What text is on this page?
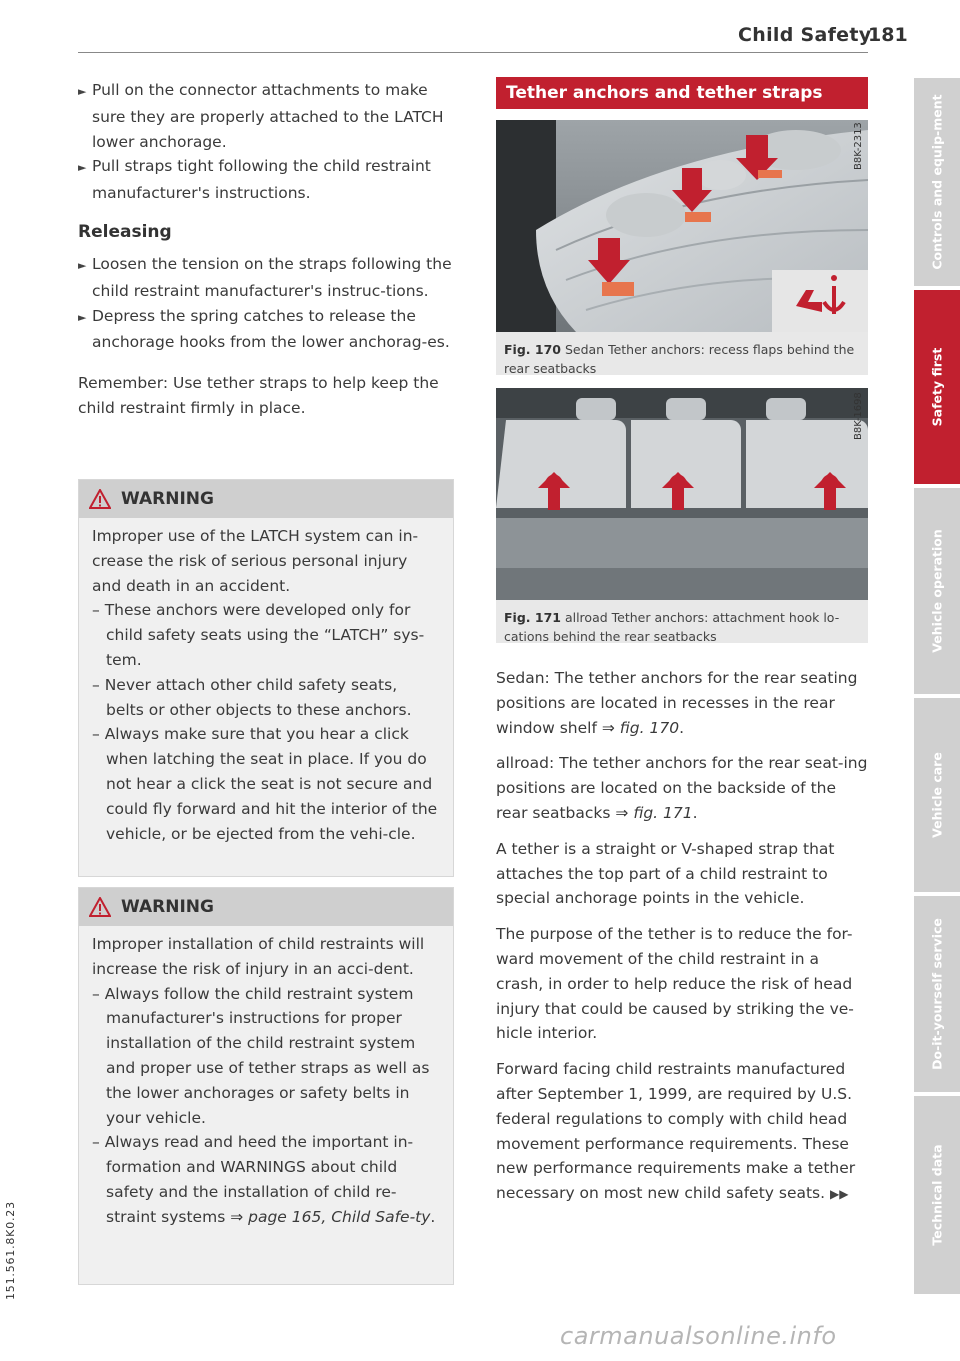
Child Safety
181
► Pull on the connector attachments to make sure they are properly attached to the LATCH lower anchorage.
► Pull straps tight following the child restraint manufacturer's instructions.
Releasing
► Loosen the tension on the straps following the child restraint manufacturer's instruc-tions.
► Depress the spring catches to release the anchorage hooks from the lower anchorag-es.
Remember: Use tether straps to help keep the child restraint firmly in place.
WARNING
Improper use of the LATCH system can in-crease the risk of serious personal injury and death in an accident.
– These anchors were developed only for child safety seats using the “LATCH” sys-tem.
– Never attach other child safety seats, belts or other objects to these anchors.
– Always make sure that you hear a click when latching the seat in place. If you do not hear a click the seat is not secure and could fly forward and hit the interior of the vehicle, or be ejected from the vehi-cle.
WARNING
Improper installation of child restraints will increase the risk of injury in an acci-dent.
– Always follow the child restraint system manufacturer's instructions for proper installation of the child restraint system and proper use of tether straps as well as the lower anchorages or safety belts in your vehicle.
– Always read and heed the important in-formation and WARNINGS about child safety and the installation of child re-straint systems ⇒ page 165, Child Safe-ty.
Tether anchors and tether straps
B8K-2313
Fig. 170 Sedan Tether anchors: recess flaps behind the rear seatbacks
B8K-1698
Fig. 171 allroad Tether anchors: attachment hook lo-cations behind the rear seatbacks

Sedan: The tether anchors for the rear seating positions are located in recesses in the rear window shelf ⇒ fig. 170.

allroad: The tether anchors for the rear seat-ing positions are located on the backside of the rear seatbacks ⇒ fig. 171.

A tether is a straight or V-shaped strap that attaches the top part of a child restraint to special anchorage points in the vehicle.

The purpose of the tether is to reduce the for-ward movement of the child restraint in a crash, in order to help reduce the risk of head injury that could be caused by striking the ve-hicle interior.

Forward facing child restraints manufactured after September 1, 1999, are required by U.S. federal regulations to comply with child head movement performance requirements. These new performance requirements make a tether necessary on most new child safety seats. ▶▶

Controls and equip-ment
Safety first
Vehicle operation
Vehicle care
Do-it-yourself service
Technical data
151.561.8K0.23
carmanualsonline.info
